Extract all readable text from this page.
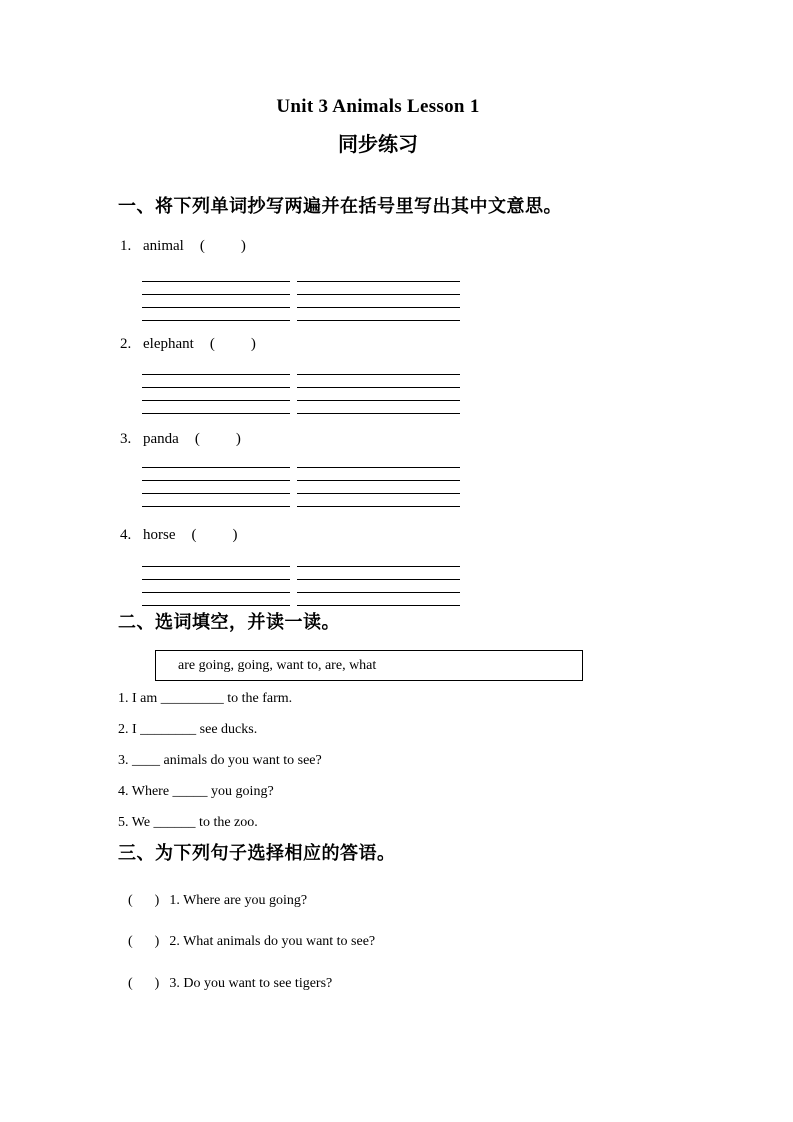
Unit 3 Animals Lesson 1
同步练习
一、将下列单词抄写两遍并在括号里写出其中文意思。
1. animal ( )
2. elephant ( )
3. panda ( )
4. horse ( )
二、选词填空，并读一读。
are going, going, want to, are, what
1. I am _________ to the farm.
2. I ________ see ducks.
3. ____ animals do you want to see?
4. Where _____ you going?
5. We ______ to the zoo.
三、为下列句子选择相应的答语。
( ) 1. Where are you going?
( ) 2. What animals do you want to see?
( ) 3. Do you want to see tigers?
